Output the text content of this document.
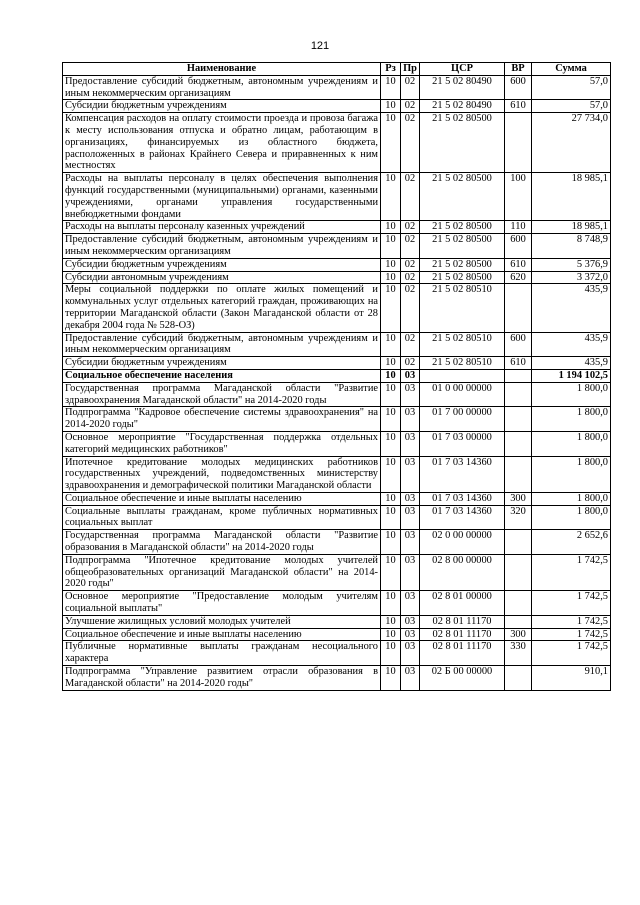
121
Наименование	Рз	Пр	ЦСР	ВР	Сумма
Предоставление субсидий бюджетным, автономным учреждениям и иным некоммерческим организациям	10	02	21 5 02 80490	600	57,0
Субсидии бюджетным учреждениям	10	02	21 5 02 80490	610	57,0
Компенсация расходов на оплату стоимости проезда и провоза багажа к месту использования отпуска и обратно лицам, работающим в организациях, финансируемых из областного бюджета, расположенных в районах Крайнего Севера и приравненных к ним местностях	10	02	21 5 02 80500		27 734,0
Расходы на выплаты персоналу в целях обеспечения выполнения функций государственными (муниципальными) органами, казенными учреждениями, органами управления государственными внебюджетными фондами	10	02	21 5 02 80500	100	18 985,1
Расходы на выплаты персоналу казенных учреждений	10	02	21 5 02 80500	110	18 985,1
Предоставление субсидий бюджетным, автономным учреждениям и иным некоммерческим организациям	10	02	21 5 02 80500	600	8 748,9
Субсидии бюджетным учреждениям	10	02	21 5 02 80500	610	5 376,9
Субсидии автономным учреждениям	10	02	21 5 02 80500	620	3 372,0
Меры социальной поддержки по оплате жилых помещений и коммунальных услуг отдельных категорий граждан, проживающих на территории Магаданской области (Закон Магаданской области от 28 декабря 2004 года № 528-ОЗ)	10	02	21 5 02 80510		435,9
Предоставление субсидий бюджетным, автономным учреждениям и иным некоммерческим организациям	10	02	21 5 02 80510	600	435,9
Субсидии бюджетным учреждениям	10	02	21 5 02 80510	610	435,9
Социальное обеспечение населения	10	03			1 194 102,5
Государственная программа Магаданской области "Развитие здравоохранения Магаданской области" на 2014-2020 годы	10	03	01 0 00 00000		1 800,0
Подпрограмма "Кадровое обеспечение системы здравоохранения" на 2014-2020 годы"	10	03	01 7 00 00000		1 800,0
Основное мероприятие "Государственная поддержка отдельных категорий медицинских работников"	10	03	01 7 03 00000		1 800,0
Ипотечное кредитование молодых медицинских работников государственных учреждений, подведомственных министерству здравоохранения и демографической политики Магаданской области	10	03	01 7 03 14360		1 800,0
Социальное обеспечение и иные выплаты населению	10	03	01 7 03 14360	300	1 800,0
Социальные выплаты гражданам, кроме публичных нормативных социальных выплат	10	03	01 7 03 14360	320	1 800,0
Государственная программа Магаданской области "Развитие образования в Магаданской области" на 2014-2020 годы	10	03	02 0 00 00000		2 652,6
Подпрограмма "Ипотечное кредитование молодых учителей общеобразовательных организаций Магаданской области" на 2014-2020 годы"	10	03	02 8 00 00000		1 742,5
Основное мероприятие "Предоставление молодым учителям социальной выплаты"	10	03	02 8 01 00000		1 742,5
Улучшение жилищных условий молодых учителей	10	03	02 8 01 11170		1 742,5
Социальное обеспечение и иные выплаты населению	10	03	02 8 01 11170	300	1 742,5
Публичные нормативные выплаты гражданам несоциального характера	10	03	02 8 01 11170	330	1 742,5
Подпрограмма "Управление развитием отрасли образования в Магаданской области" на 2014-2020 годы"	10	03	02 Б 00 00000		910,1
